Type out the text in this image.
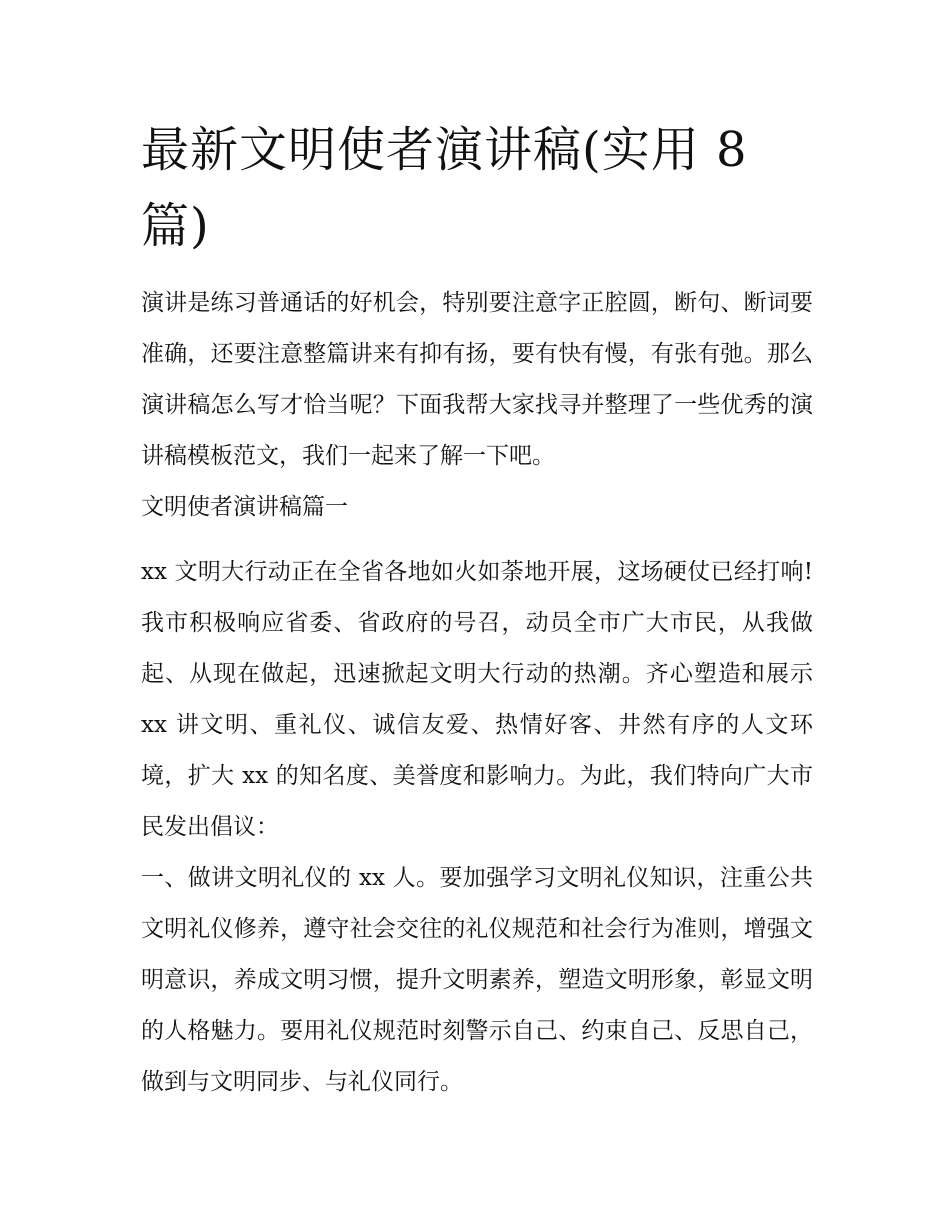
最新文明使者演讲稿(实用 8 篇)

演讲是练习普通话的好机会，特别要注意字正腔圆，断句、断词要准确，还要注意整篇讲来有抑有扬，要有快有慢，有张有弛。那么演讲稿怎么写才恰当呢？下面我帮大家找寻并整理了一些优秀的演讲稿模板范文，我们一起来了解一下吧。

文明使者演讲稿篇一

xx 文明大行动正在全省各地如火如荼地开展，这场硬仗已经打响!我市积极响应省委、省政府的号召，动员全市广大市民，从我做起、从现在做起，迅速掀起文明大行动的热潮。齐心塑造和展示 xx 讲文明、重礼仪、诚信友爱、热情好客、井然有序的人文环境，扩大 xx 的知名度、美誉度和影响力。为此，我们特向广大市民发出倡议：

一、做讲文明礼仪的 xx 人。要加强学习文明礼仪知识，注重公共文明礼仪修养，遵守社会交往的礼仪规范和社会行为准则，增强文明意识，养成文明习惯，提升文明素养，塑造文明形象，彰显文明的人格魅力。要用礼仪规范时刻警示自己、约束自己、反思自己，做到与文明同步、与礼仪同行。
